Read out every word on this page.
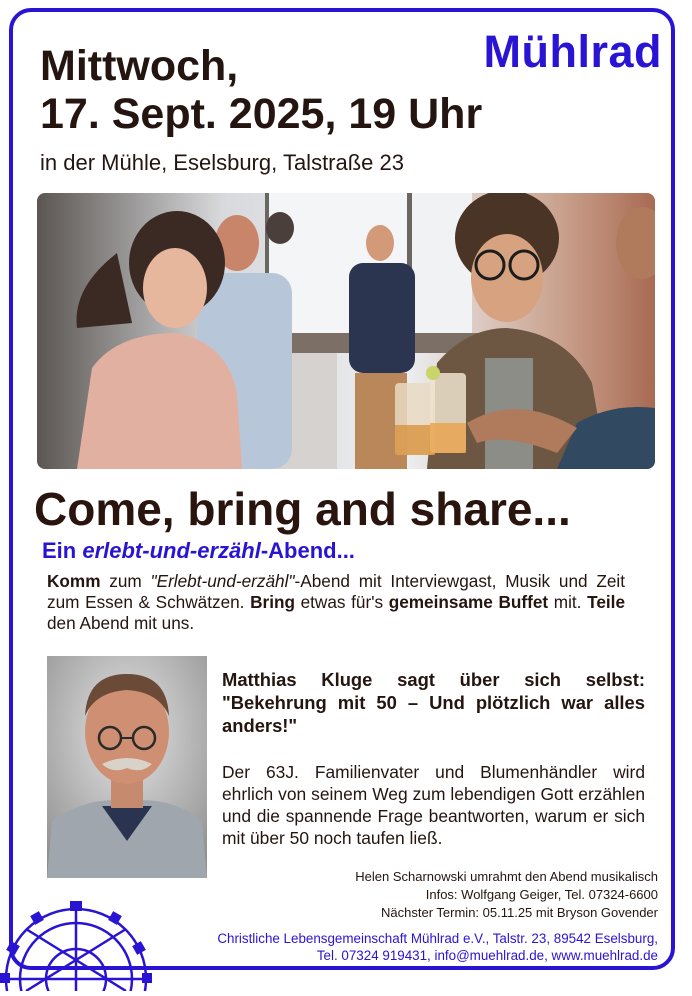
Mühlrad
Mittwoch,
17. Sept. 2025, 19 Uhr
in der Mühle, Eselsburg, Talstraße 23
Come, bring and share...
Ein erlebt-und-erzähl-Abend...
Komm zum "Erlebt-und-erzähl"-Abend mit Interviewgast, Musik und Zeit zum Essen & Schwätzen. Bring etwas für's gemeinsame Buffet mit. Teile den Abend mit uns.
Matthias Kluge sagt über sich selbst: "Bekehrung mit 50 – Und plötzlich war alles anders!"
Der 63J. Familienvater und Blumenhändler wird ehrlich von seinem Weg zum lebendigen Gott erzählen und die spannende Frage beantworten, warum er sich mit über 50 noch taufen ließ.
Helen Scharnowski umrahmt den Abend musikalisch
Infos: Wolfgang Geiger, Tel. 07324-6600
Nächster Termin: 05.11.25 mit Bryson Govender
Christliche Lebensgemeinschaft Mühlrad e.V., Talstr. 23, 89542 Eselsburg,
Tel. 07324 919431, info@muehlrad.de, www.muehlrad.de
